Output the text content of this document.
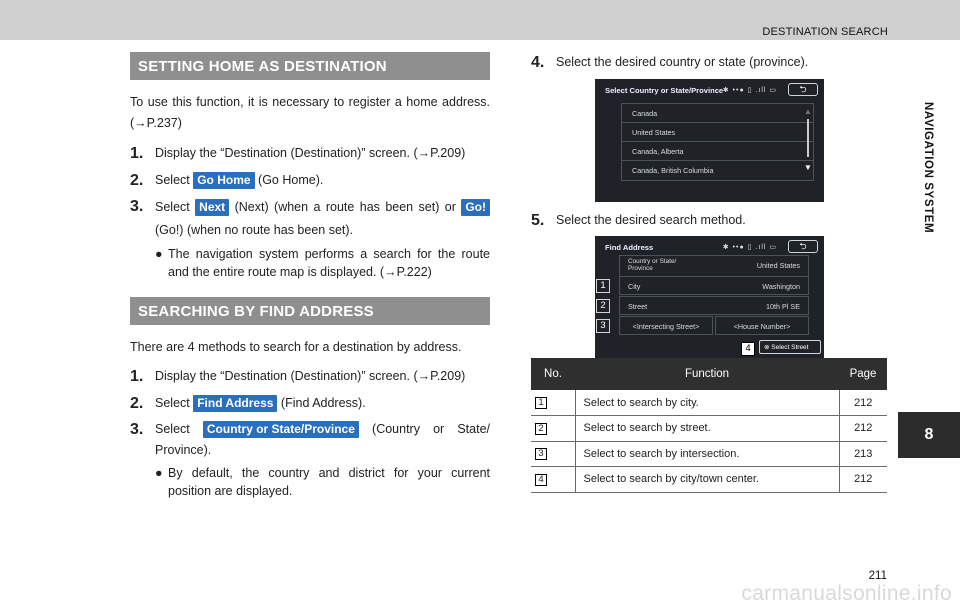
DESTINATION SEARCH
NAVIGATION SYSTEM
8
SETTING HOME AS DESTINATION
To use this function, it is necessary to register a home address. (→P.237)
1. Display the “Destination (Destination)” screen. (→P.209)
2. Select Go Home (Go Home).
3. Select Next (Next) (when a route has been set) or Go! (Go!) (when no route has been set).
● The navigation system performs a search for the route and the entire route map is displayed. (→P.222)
SEARCHING BY FIND ADDRESS
There are 4 methods to search for a destination by address.
1. Display the “Destination (Destination)” screen. (→P.209)
2. Select Find Address (Find Address).
3. Select Country or State/Province (Country or State/ Province).
● By default, the country and district for your current position are displayed.
4. Select the desired country or state (province).
Select Country or State/Province ✱ ••● ▯ .ıll ▭	⮌
Canada
United States
Canada, Alberta
Canada, British Columbia
▲
▼
5. Select the desired search method.
Find Address	✱ ••● ▯ .ıll ▭	⮌
Country or State/ Province	United States
City	Washington
Street	10th Pl SE
<Intersecting Street>	<House Number>
⊗ Select Street
1
2
3
4
No.	Function	Page
1	Select to search by city.	212
2	Select to search by street.	212
3	Select to search by intersection.	213
4	Select to search by city/town center.	212
211
carmanualsonline.info
